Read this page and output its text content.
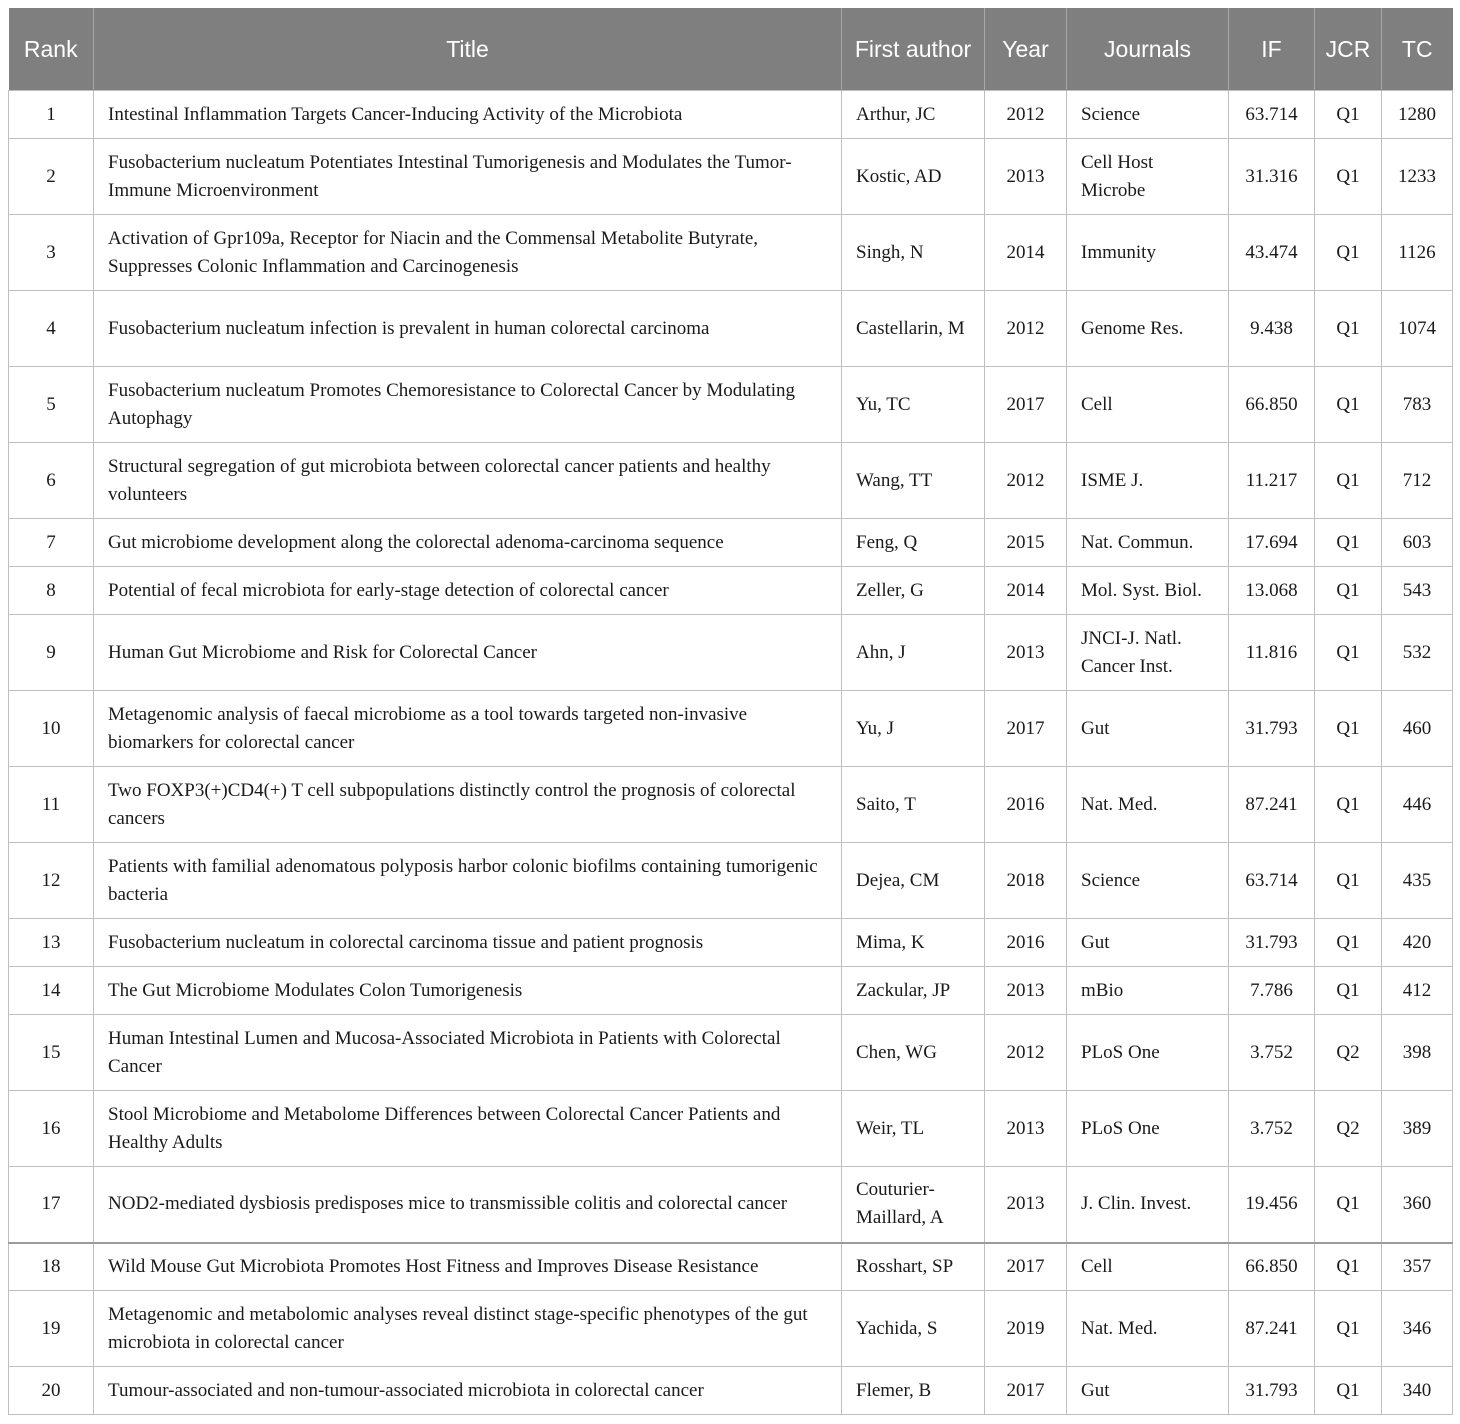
Rank	Title	First author	Year	Journals	IF	JCR	TC
1	Intestinal Inflammation Targets Cancer-Inducing Activity of the Microbiota	Arthur, JC	2012	Science	63.714	Q1	1280
2	Fusobacterium nucleatum Potentiates Intestinal Tumorigenesis and Modulates the Tumor-Immune Microenvironment	Kostic, AD	2013	Cell Host Microbe	31.316	Q1	1233
3	Activation of Gpr109a, Receptor for Niacin and the Commensal Metabolite Butyrate, Suppresses Colonic Inflammation and Carcinogenesis	Singh, N	2014	Immunity	43.474	Q1	1126
4	Fusobacterium nucleatum infection is prevalent in human colorectal carcinoma	Castellarin, M	2012	Genome Res.	9.438	Q1	1074
5	Fusobacterium nucleatum Promotes Chemoresistance to Colorectal Cancer by Modulating Autophagy	Yu, TC	2017	Cell	66.850	Q1	783
6	Structural segregation of gut microbiota between colorectal cancer patients and healthy volunteers	Wang, TT	2012	ISME J.	11.217	Q1	712
7	Gut microbiome development along the colorectal adenoma-carcinoma sequence	Feng, Q	2015	Nat. Commun.	17.694	Q1	603
8	Potential of fecal microbiota for early-stage detection of colorectal cancer	Zeller, G	2014	Mol. Syst. Biol.	13.068	Q1	543
9	Human Gut Microbiome and Risk for Colorectal Cancer	Ahn, J	2013	JNCI-J. Natl. Cancer Inst.	11.816	Q1	532
10	Metagenomic analysis of faecal microbiome as a tool towards targeted non-invasive biomarkers for colorectal cancer	Yu, J	2017	Gut	31.793	Q1	460
11	Two FOXP3(+)CD4(+) T cell subpopulations distinctly control the prognosis of colorectal cancers	Saito, T	2016	Nat. Med.	87.241	Q1	446
12	Patients with familial adenomatous polyposis harbor colonic biofilms containing tumorigenic bacteria	Dejea, CM	2018	Science	63.714	Q1	435
13	Fusobacterium nucleatum in colorectal carcinoma tissue and patient prognosis	Mima, K	2016	Gut	31.793	Q1	420
14	The Gut Microbiome Modulates Colon Tumorigenesis	Zackular, JP	2013	mBio	7.786	Q1	412
15	Human Intestinal Lumen and Mucosa-Associated Microbiota in Patients with Colorectal Cancer	Chen, WG	2012	PLoS One	3.752	Q2	398
16	Stool Microbiome and Metabolome Differences between Colorectal Cancer Patients and Healthy Adults	Weir, TL	2013	PLoS One	3.752	Q2	389
17	NOD2-mediated dysbiosis predisposes mice to transmissible colitis and colorectal cancer	Couturier-Maillard, A	2013	J. Clin. Invest.	19.456	Q1	360
18	Wild Mouse Gut Microbiota Promotes Host Fitness and Improves Disease Resistance	Rosshart, SP	2017	Cell	66.850	Q1	357
19	Metagenomic and metabolomic analyses reveal distinct stage-specific phenotypes of the gut microbiota in colorectal cancer	Yachida, S	2019	Nat. Med.	87.241	Q1	346
20	Tumour-associated and non-tumour-associated microbiota in colorectal cancer	Flemer, B	2017	Gut	31.793	Q1	340
